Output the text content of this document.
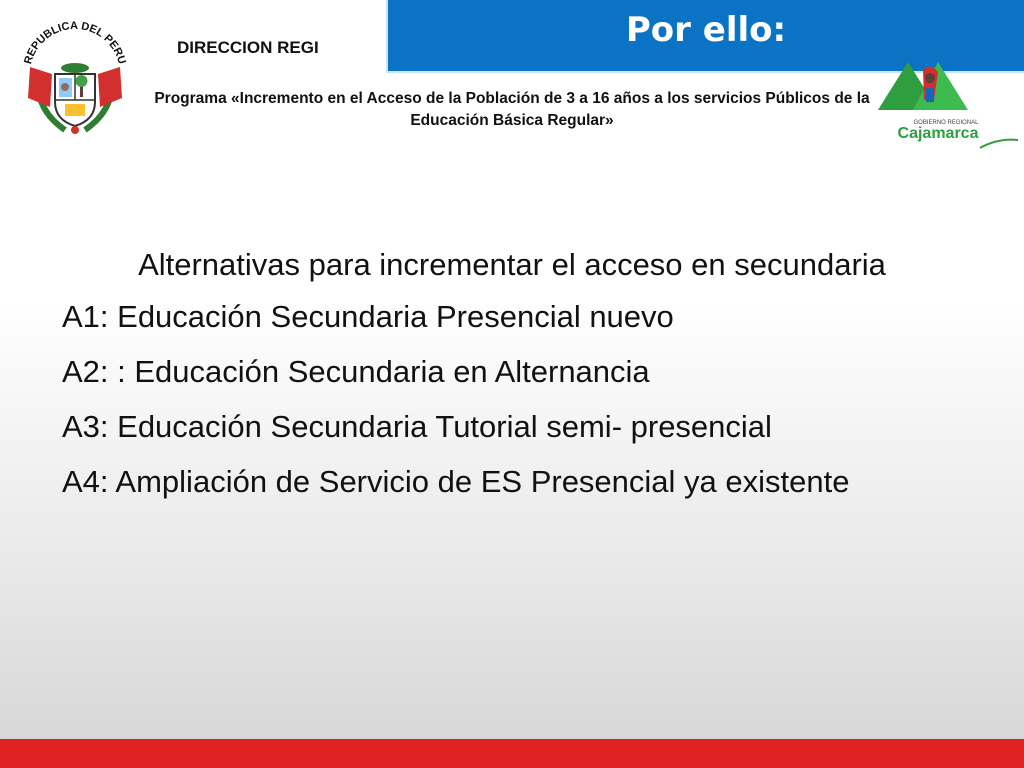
REPUBLICA DEL PERU
DIRECCION REGI
Programa «Incremento en el Acceso de la Población de 3 a 16 años a los servicios Públicos de la Educación Básica Regular»
Por ello:
GOBIERNO REGIONAL
Cajamarca
Alternativas para incrementar el acceso en secundaria
A1: Educación Secundaria Presencial nuevo
A2: : Educación Secundaria en Alternancia
A3: Educación Secundaria Tutorial semi- presencial
A4: Ampliación de Servicio de ES Presencial ya existente
